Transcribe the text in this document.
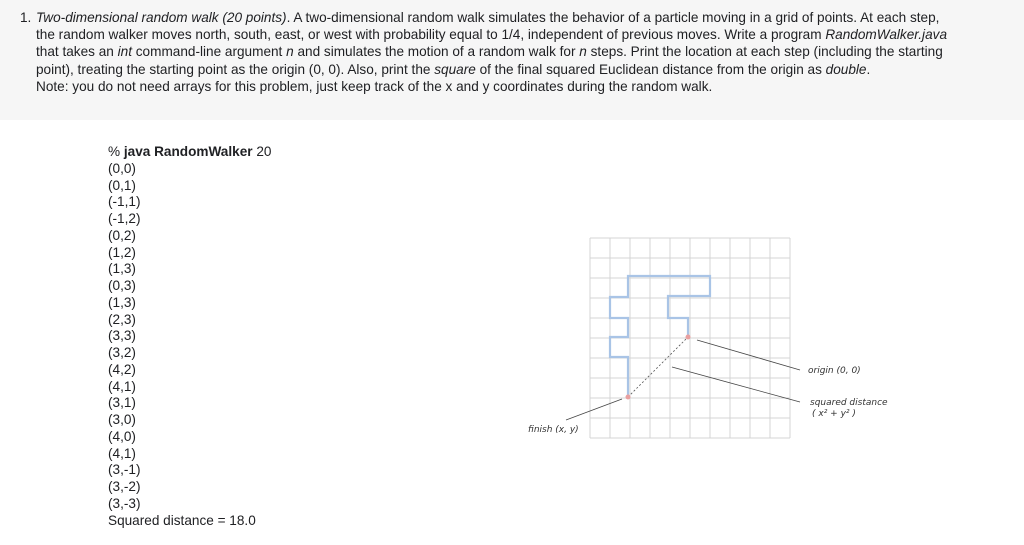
1. Two-dimensional random walk (20 points). A two-dimensional random walk simulates the behavior of a particle moving in a grid of points. At each step,
the random walker moves north, south, east, or west with probability equal to 1/4, independent of previous moves. Write a program RandomWalker.java
that takes an int command-line argument n and simulates the motion of a random walk for n steps. Print the location at each step (including the starting
point), treating the starting point as the origin (0, 0). Also, print the square of the final squared Euclidean distance from the origin as double.
Note: you do not need arrays for this problem, just keep track of the x and y coordinates during the random walk.
% java RandomWalker 20
(0,0)
(0,1)
(-1,1)
(-1,2)
(0,2)
(1,2)
(1,3)
(0,3)
(1,3)
(2,3)
(3,3)
(3,2)
(4,2)
(4,1)
(3,1)
(3,0)
(4,0)
(4,1)
(3,-1)
(3,-2)
(3,-3)
Squared distance = 18.0
origin (0, 0)
squared distance
( x² + y² )
finish (x, y)
